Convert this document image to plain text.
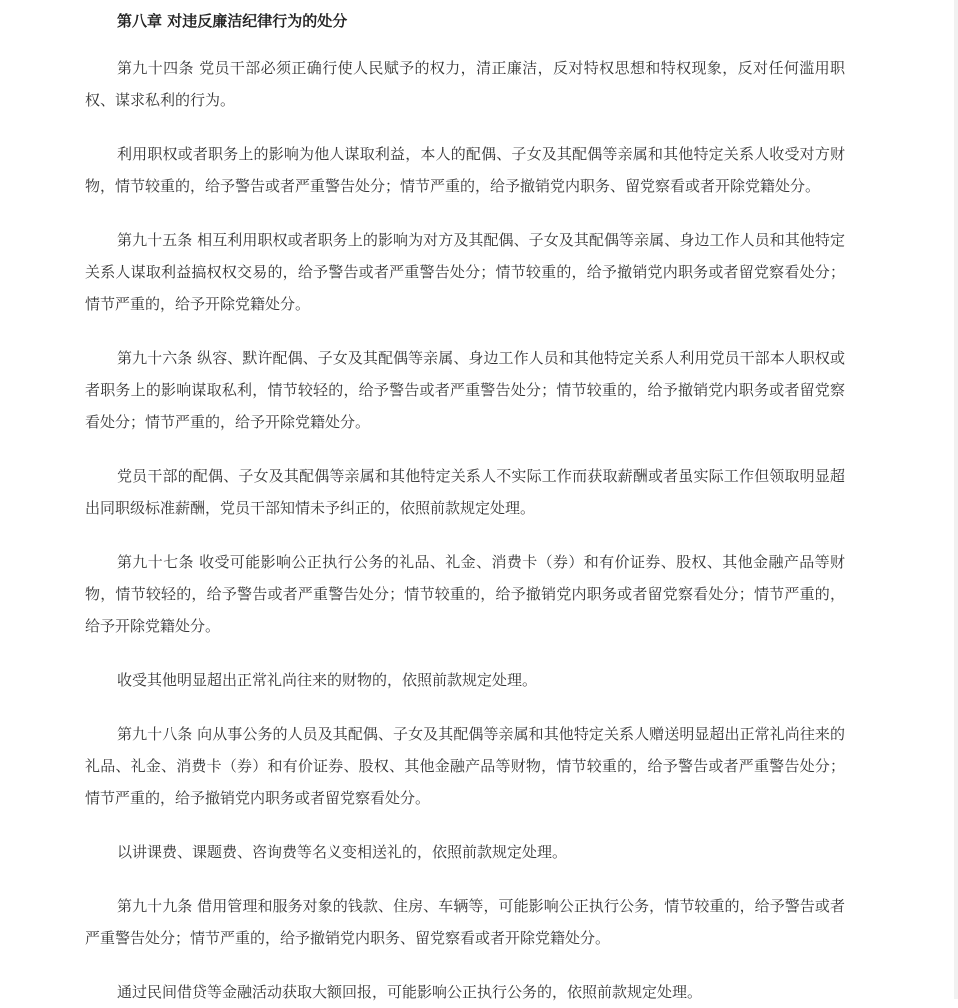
第八章 对违反廉洁纪律行为的处分

第九十四条 党员干部必须正确行使人民赋予的权力，清正廉洁，反对特权思想和特权现象，反对任何滥用职权、谋求私利的行为。

利用职权或者职务上的影响为他人谋取利益，本人的配偶、子女及其配偶等亲属和其他特定关系人收受对方财物，情节较重的，给予警告或者严重警告处分；情节严重的，给予撤销党内职务、留党察看或者开除党籍处分。

第九十五条 相互利用职权或者职务上的影响为对方及其配偶、子女及其配偶等亲属、身边工作人员和其他特定关系人谋取利益搞权权交易的，给予警告或者严重警告处分；情节较重的，给予撤销党内职务或者留党察看处分；情节严重的，给予开除党籍处分。

第九十六条 纵容、默许配偶、子女及其配偶等亲属、身边工作人员和其他特定关系人利用党员干部本人职权或者职务上的影响谋取私利，情节较轻的，给予警告或者严重警告处分；情节较重的，给予撤销党内职务或者留党察看处分；情节严重的，给予开除党籍处分。

党员干部的配偶、子女及其配偶等亲属和其他特定关系人不实际工作而获取薪酬或者虽实际工作但领取明显超出同职级标准薪酬，党员干部知情未予纠正的，依照前款规定处理。

第九十七条 收受可能影响公正执行公务的礼品、礼金、消费卡（券）和有价证券、股权、其他金融产品等财物，情节较轻的，给予警告或者严重警告处分；情节较重的，给予撤销党内职务或者留党察看处分；情节严重的，给予开除党籍处分。

收受其他明显超出正常礼尚往来的财物的，依照前款规定处理。

第九十八条 向从事公务的人员及其配偶、子女及其配偶等亲属和其他特定关系人赠送明显超出正常礼尚往来的礼品、礼金、消费卡（券）和有价证券、股权、其他金融产品等财物，情节较重的，给予警告或者严重警告处分；情节严重的，给予撤销党内职务或者留党察看处分。

以讲课费、课题费、咨询费等名义变相送礼的，依照前款规定处理。

第九十九条 借用管理和服务对象的钱款、住房、车辆等，可能影响公正执行公务，情节较重的，给予警告或者严重警告处分；情节严重的，给予撤销党内职务、留党察看或者开除党籍处分。

通过民间借贷等金融活动获取大额回报，可能影响公正执行公务的，依照前款规定处理。
